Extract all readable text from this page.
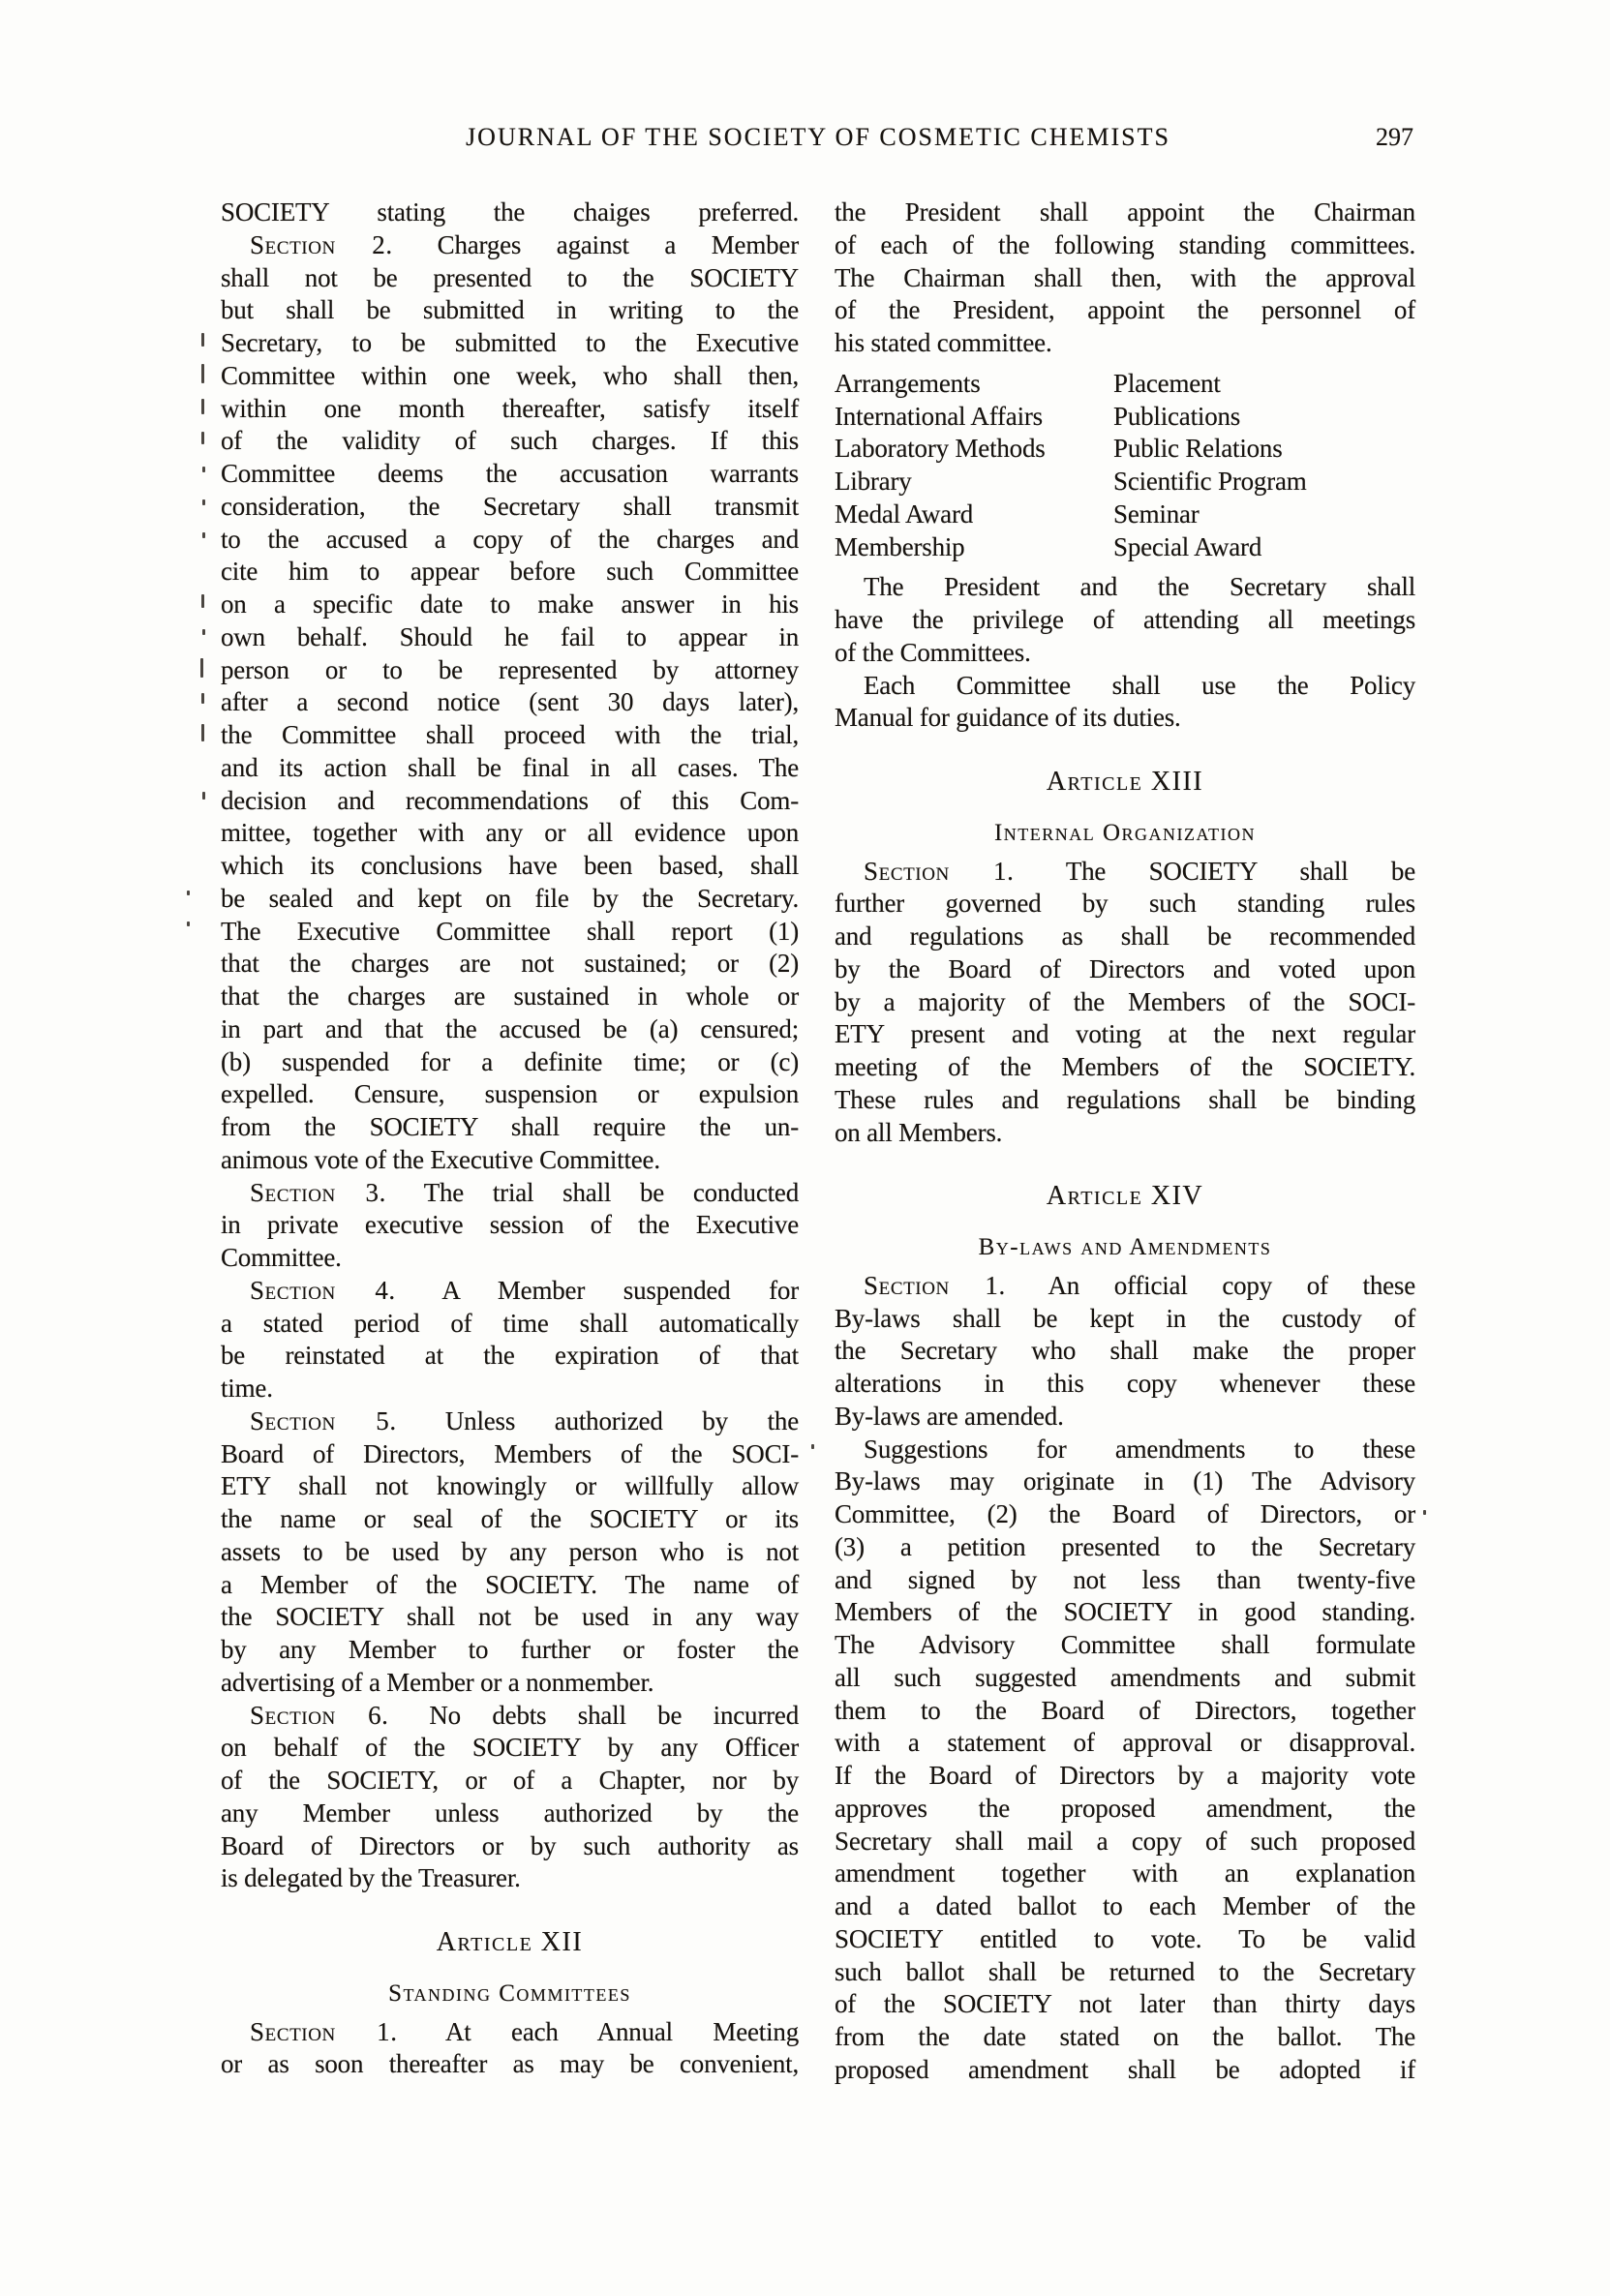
JOURNAL OF THE SOCIETY OF COSMETIC CHEMISTS	297
SOCIETY stating the chaiges preferred.
Section 2. Charges against a Member
shall not be presented to the SOCIETY
but shall be submitted in writing to the
Secretary, to be submitted to the Executive
Committee within one week, who shall then,
within one month thereafter, satisfy itself
of the validity of such charges. If this
Committee deems the accusation warrants
consideration, the Secretary shall transmit
to the accused a copy of the charges and
cite him to appear before such Committee
on a specific date to make answer in his
own behalf. Should he fail to appear in
person or to be represented by attorney
after a second notice (sent 30 days later),
the Committee shall proceed with the trial,
and its action shall be final in all cases. The
decision and recommendations of this Com-
mittee, together with any or all evidence upon
which its conclusions have been based, shall
be sealed and kept on file by the Secretary.
The Executive Committee shall report (1)
that the charges are not sustained; or (2)
that the charges are sustained in whole or
in part and that the accused be (a) censured;
(b) suspended for a definite time; or (c)
expelled. Censure, suspension or expulsion
from the SOCIETY shall require the un-
animous vote of the Executive Committee.
Section 3. The trial shall be conducted
in private executive session of the Executive
Committee.
Section 4. A Member suspended for
a stated period of time shall automatically
be reinstated at the expiration of that
time.
Section 5. Unless authorized by the
Board of Directors, Members of the SOCI-
ETY shall not knowingly or willfully allow
the name or seal of the SOCIETY or its
assets to be used by any person who is not
a Member of the SOCIETY. The name of
the SOCIETY shall not be used in any way
by any Member to further or foster the
advertising of a Member or a nonmember.
Section 6. No debts shall be incurred
on behalf of the SOCIETY by any Officer
of the SOCIETY, or of a Chapter, nor by
any Member unless authorized by the
Board of Directors or by such authority as
is delegated by the Treasurer.
Article XII
Standing Committees
Section 1. At each Annual Meeting
or as soon thereafter as may be convenient,
the President shall appoint the Chairman
of each of the following standing committees.
The Chairman shall then, with the approval
of the President, appoint the personnel of
his stated committee.
Arrangements	Placement
International Affairs	Publications
Laboratory Methods	Public Relations
Library	Scientific Program
Medal Award	Seminar
Membership	Special Award
The President and the Secretary shall
have the privilege of attending all meetings
of the Committees.
Each Committee shall use the Policy
Manual for guidance of its duties.
Article XIII
Internal Organization
Section 1. The SOCIETY shall be
further governed by such standing rules
and regulations as shall be recommended
by the Board of Directors and voted upon
by a majority of the Members of the SOCI-
ETY present and voting at the next regular
meeting of the Members of the SOCIETY.
These rules and regulations shall be binding
on all Members.
Article XIV
By-laws and Amendments
Section 1. An official copy of these
By-laws shall be kept in the custody of
the Secretary who shall make the proper
alterations in this copy whenever these
By-laws are amended.
Suggestions for amendments to these
By-laws may originate in (1) The Advisory
Committee, (2) the Board of Directors, or
(3) a petition presented to the Secretary
and signed by not less than twenty-five
Members of the SOCIETY in good standing.
The Advisory Committee shall formulate
all such suggested amendments and submit
them to the Board of Directors, together
with a statement of approval or disapproval.
If the Board of Directors by a majority vote
approves the proposed amendment, the
Secretary shall mail a copy of such proposed
amendment together with an explanation
and a dated ballot to each Member of the
SOCIETY entitled to vote. To be valid
such ballot shall be returned to the Secretary
of the SOCIETY not later than thirty days
from the date stated on the ballot. The
proposed amendment shall be adopted if
